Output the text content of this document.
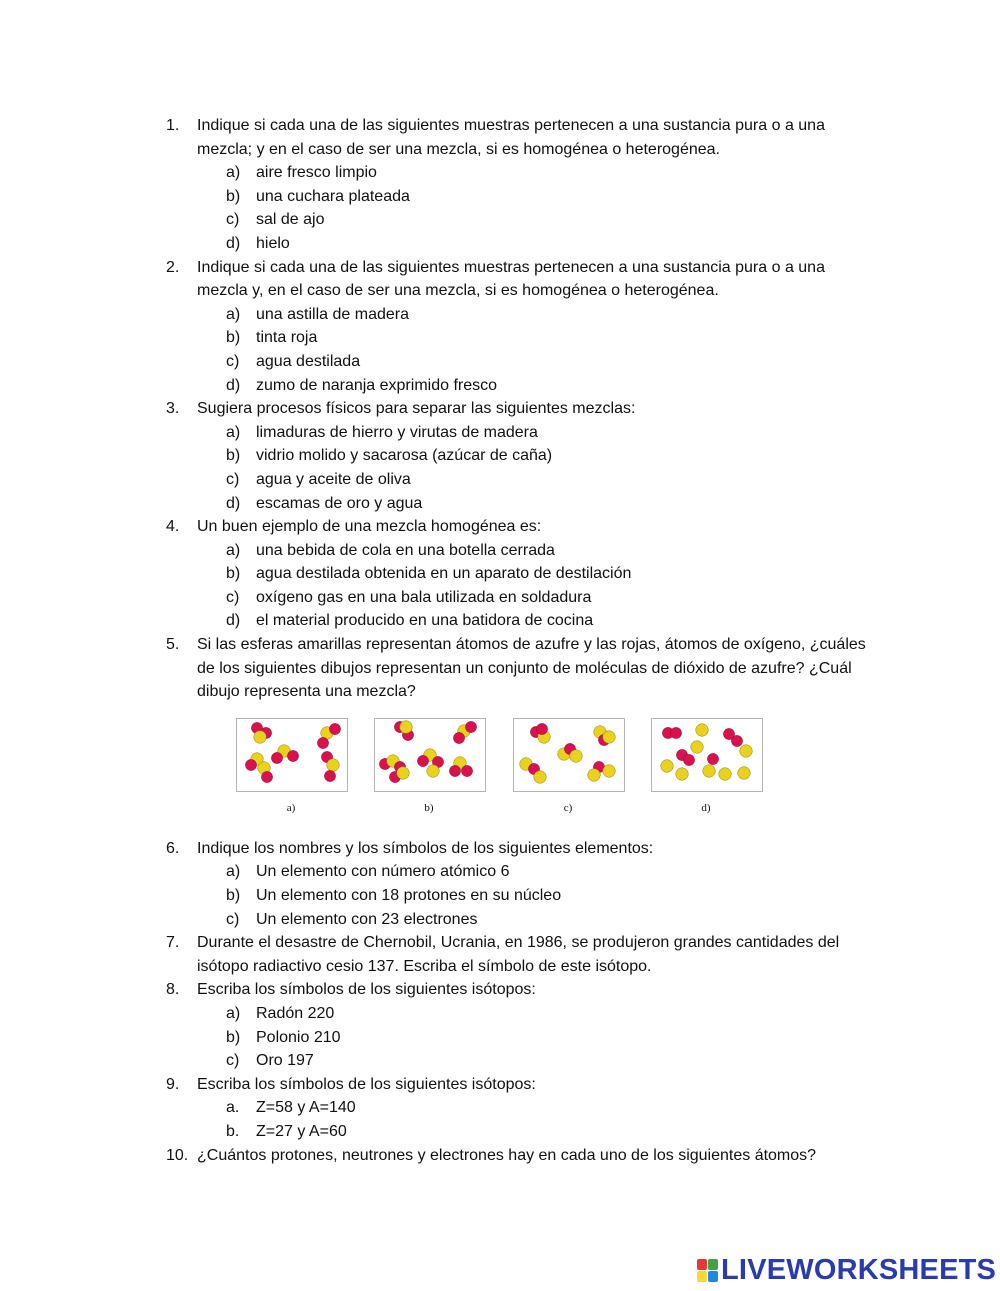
1.	Indique si cada una de las siguientes muestras pertenecen a una sustancia pura o a una mezcla; y en el caso de ser una mezcla, si es homogénea o heterogénea.
a) aire fresco limpio
b) una cuchara plateada
c)	sal de ajo
d) hielo
2.	Indique si cada una de las siguientes muestras pertenecen a una sustancia pura o a una mezcla y, en el caso de ser una mezcla, si es homogénea o heterogénea.
a) una astilla de madera
b) tinta roja
c)	agua destilada
d) zumo de naranja exprimido fresco
3.	Sugiera procesos físicos para separar las siguientes mezclas:
a) limaduras de hierro y virutas de madera
b) vidrio molido y sacarosa (azúcar de caña)
c)	agua y aceite de oliva
d) escamas de oro y agua
4.	Un buen ejemplo de una mezcla homogénea es:
a) una bebida de cola en una botella cerrada
b) agua destilada obtenida en un aparato de destilación
c)	oxígeno gas en una bala utilizada en soldadura
d) el material producido en una batidora de cocina
5.	Si las esferas amarillas representan átomos de azufre y las rojas, átomos de oxígeno, ¿cuáles de los siguientes dibujos representan un conjunto de moléculas de dióxido de azufre? ¿Cuál dibujo representa una mezcla?
a)	b)	c)	d)
6.	Indique los nombres y los símbolos de los siguientes elementos:
a) Un elemento con número atómico 6
b) Un elemento con 18 protones en su núcleo
c)	Un elemento con 23 electrones
7.	Durante el desastre de Chernobil, Ucrania, en 1986, se produjeron grandes cantidades del isótopo radiactivo cesio 137. Escriba el símbolo de este isótopo.
8.	Escriba los símbolos de los siguientes isótopos:
a) Radón 220
b) Polonio 210
c)	Oro 197
9.	Escriba los símbolos de los siguientes isótopos:
a.	Z=58 y A=140
b.	Z=27 y A=60
10. ¿Cuántos protones, neutrones y electrones hay en cada uno de los siguientes átomos?
LIVEWORKSHEETS
